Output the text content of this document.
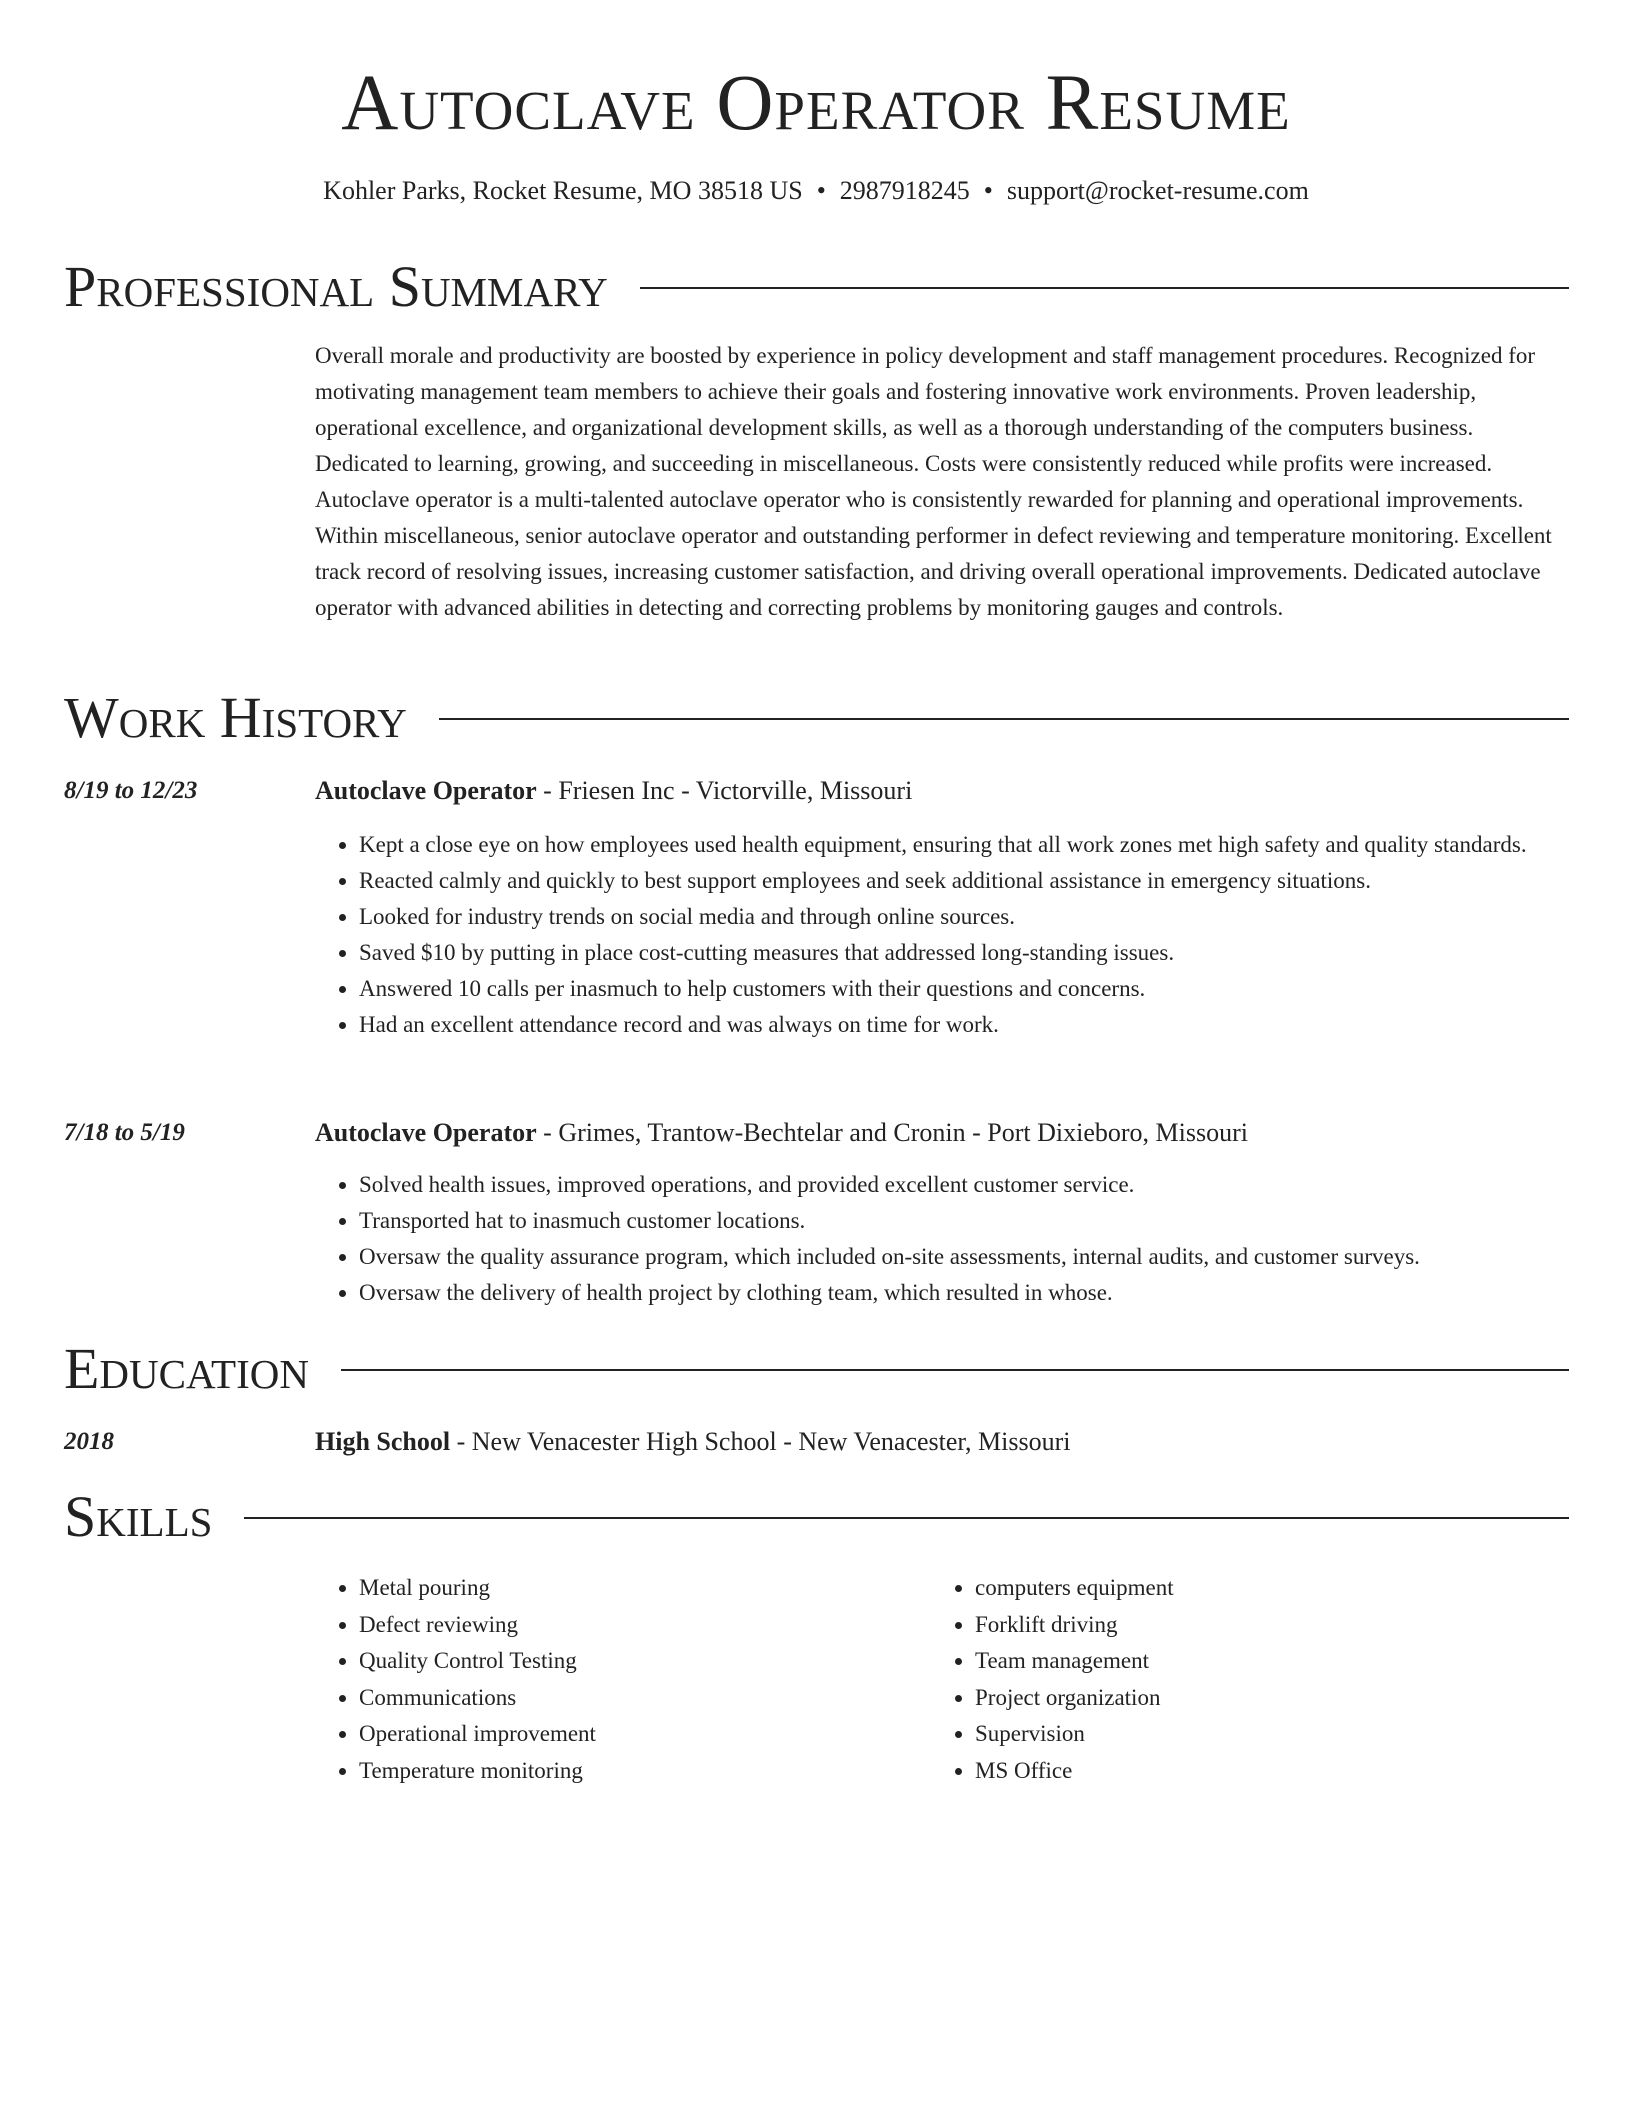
Autoclave Operator Resume
Kohler Parks, Rocket Resume, MO 38518 US • 2987918245 • support@rocket-resume.com
Professional Summary
Overall morale and productivity are boosted by experience in policy development and staff management procedures. Recognized for motivating management team members to achieve their goals and fostering innovative work environments. Proven leadership, operational excellence, and organizational development skills, as well as a thorough understanding of the computers business. Dedicated to learning, growing, and succeeding in miscellaneous. Costs were consistently reduced while profits were increased. Autoclave operator is a multi-talented autoclave operator who is consistently rewarded for planning and operational improvements. Within miscellaneous, senior autoclave operator and outstanding performer in defect reviewing and temperature monitoring. Excellent track record of resolving issues, increasing customer satisfaction, and driving overall operational improvements. Dedicated autoclave operator with advanced abilities in detecting and correcting problems by monitoring gauges and controls.
Work History
8/19 to 12/23	Autoclave Operator - Friesen Inc - Victorville, Missouri
• Kept a close eye on how employees used health equipment, ensuring that all work zones met high safety and quality standards.
• Reacted calmly and quickly to best support employees and seek additional assistance in emergency situations.
• Looked for industry trends on social media and through online sources.
• Saved $10 by putting in place cost-cutting measures that addressed long-standing issues.
• Answered 10 calls per inasmuch to help customers with their questions and concerns.
• Had an excellent attendance record and was always on time for work.
7/18 to 5/19	Autoclave Operator - Grimes, Trantow-Bechtelar and Cronin - Port Dixieboro, Missouri
• Solved health issues, improved operations, and provided excellent customer service.
• Transported hat to inasmuch customer locations.
• Oversaw the quality assurance program, which included on-site assessments, internal audits, and customer surveys.
• Oversaw the delivery of health project by clothing team, which resulted in whose.
Education
2018	High School - New Venacester High School - New Venacester, Missouri
Skills
• Metal pouring
• Defect reviewing
• Quality Control Testing
• Communications
• Operational improvement
• Temperature monitoring
• computers equipment
• Forklift driving
• Team management
• Project organization
• Supervision
• MS Office
